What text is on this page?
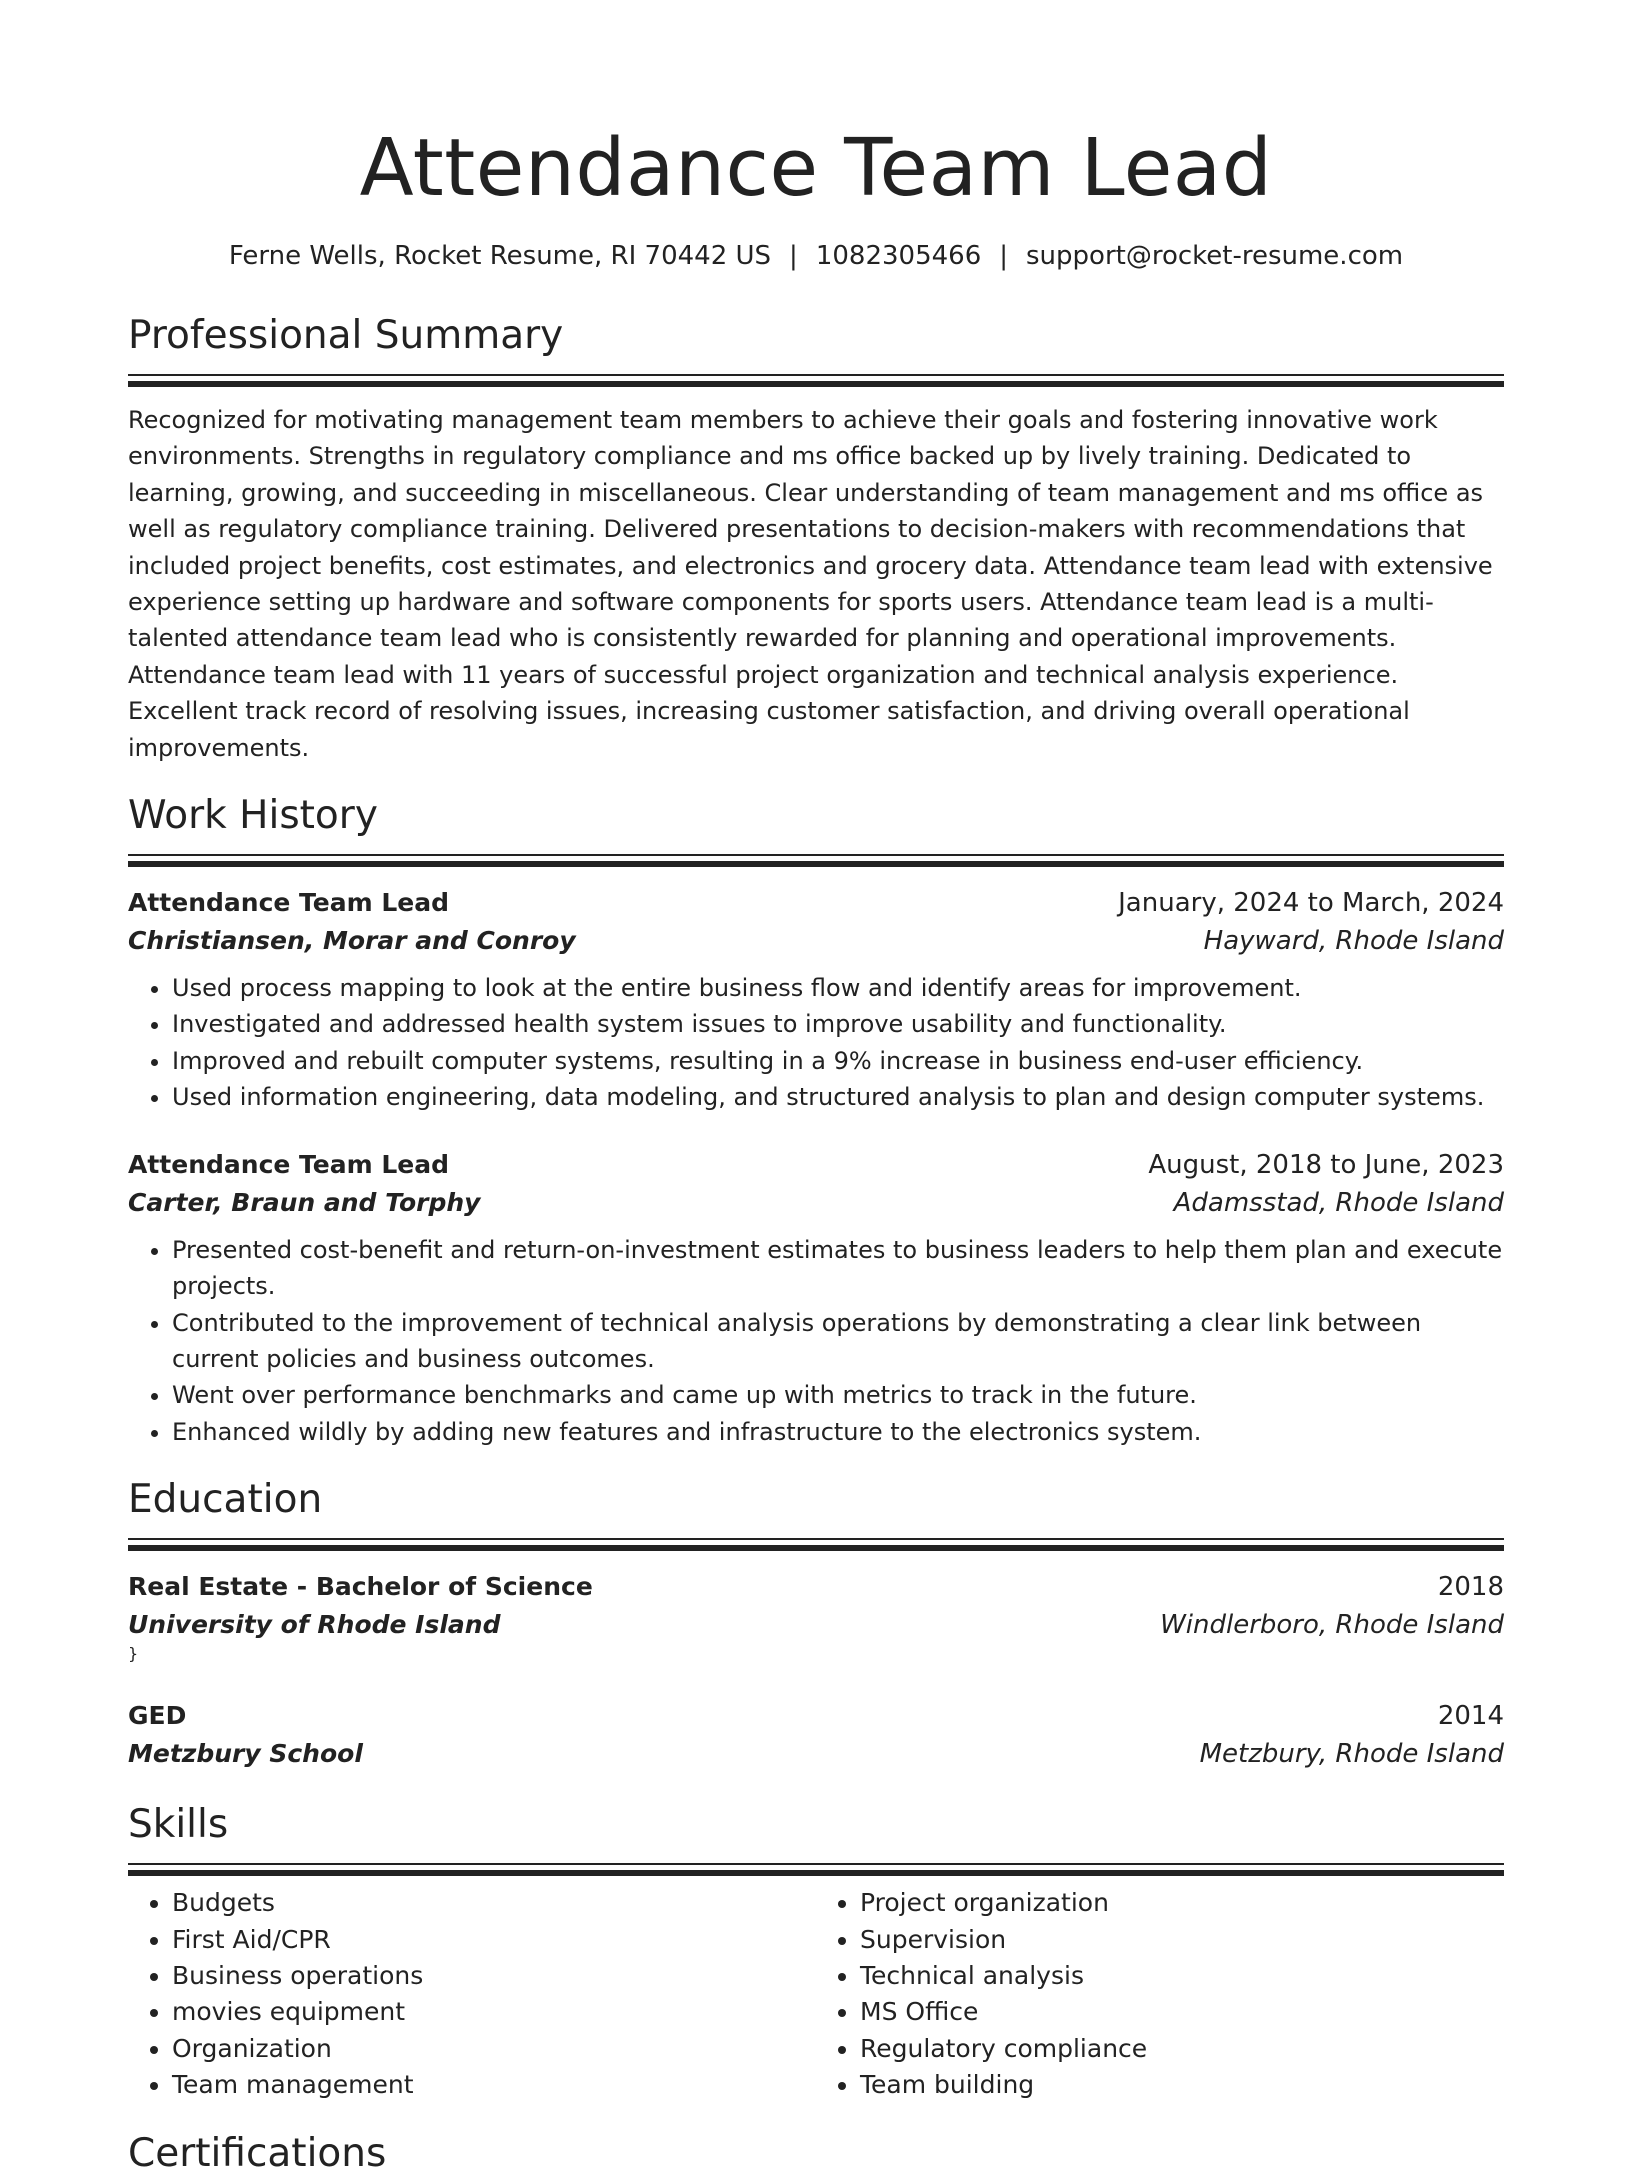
Attendance Team Lead
Ferne Wells, Rocket Resume, RI 70442 US | 1082305466 | support@rocket-resume.com
Professional Summary
Recognized for motivating management team members to achieve their goals and fostering innovative work environments. Strengths in regulatory compliance and ms office backed up by lively training. Dedicated to learning, growing, and succeeding in miscellaneous. Clear understanding of team management and ms office as well as regulatory compliance training. Delivered presentations to decision-makers with recommendations that included project benefits, cost estimates, and electronics and grocery data. Attendance team lead with extensive experience setting up hardware and software components for sports users. Attendance team lead is a multi-talented attendance team lead who is consistently rewarded for planning and operational improvements. Attendance team lead with 11 years of successful project organization and technical analysis experience. Excellent track record of resolving issues, increasing customer satisfaction, and driving overall operational improvements.
Work History
Attendance Team Lead	January, 2024 to March, 2024
Christiansen, Morar and Conroy	Hayward, Rhode Island
• Used process mapping to look at the entire business flow and identify areas for improvement.
• Investigated and addressed health system issues to improve usability and functionality.
• Improved and rebuilt computer systems, resulting in a 9% increase in business end-user efficiency.
• Used information engineering, data modeling, and structured analysis to plan and design computer systems.
Attendance Team Lead	August, 2018 to June, 2023
Carter, Braun and Torphy	Adamsstad, Rhode Island
• Presented cost-benefit and return-on-investment estimates to business leaders to help them plan and execute projects.
• Contributed to the improvement of technical analysis operations by demonstrating a clear link between current policies and business outcomes.
• Went over performance benchmarks and came up with metrics to track in the future.
• Enhanced wildly by adding new features and infrastructure to the electronics system.
Education
Real Estate - Bachelor of Science	2018
University of Rhode Island	Windlerboro, Rhode Island
}
GED	2014
Metzbury School	Metzbury, Rhode Island
Skills
• Budgets
• First Aid/CPR
• Business operations
• movies equipment
• Organization
• Team management
• Project organization
• Supervision
• Technical analysis
• MS Office
• Regulatory compliance
• Team building
Certifications
